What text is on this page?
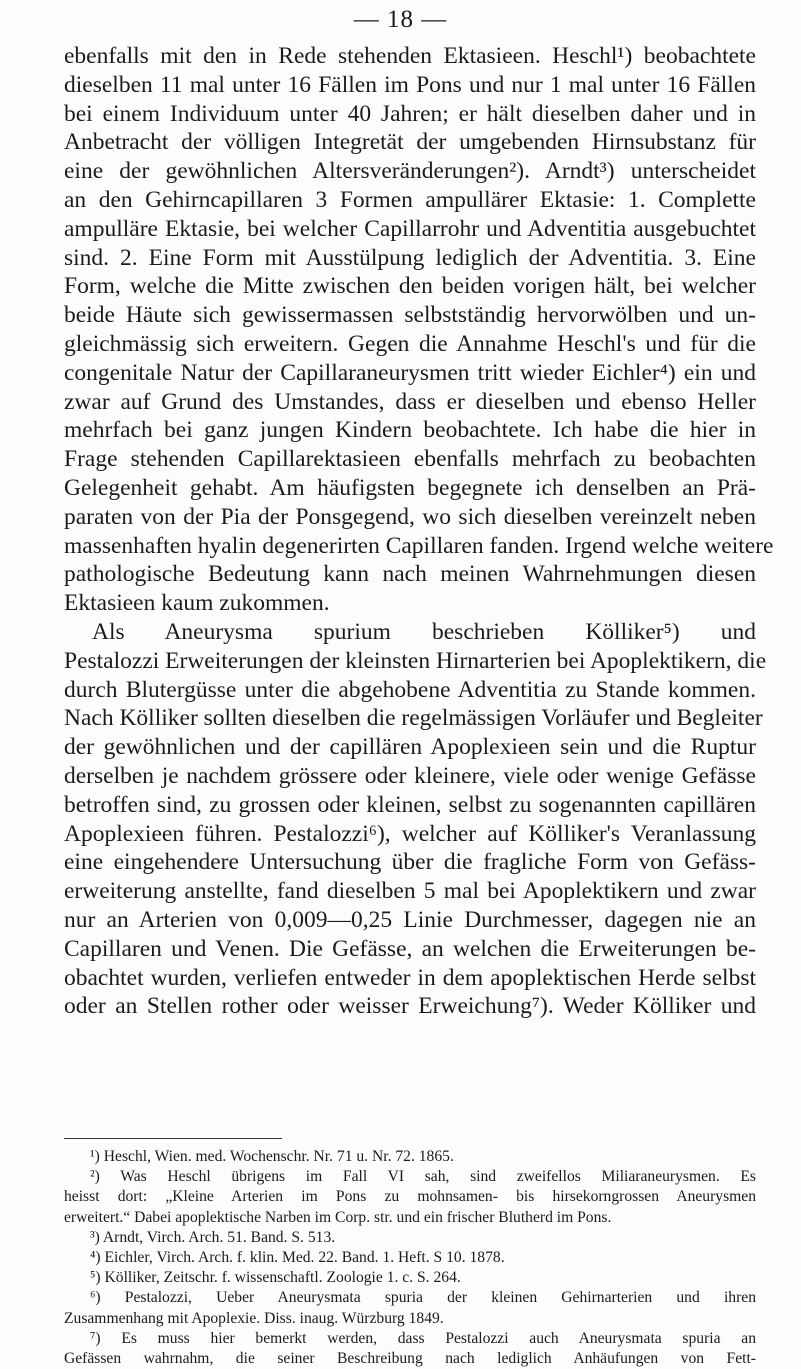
— 18 —
ebenfalls mit den in Rede stehenden Ektasieen. Heschl¹) beobachtete
dieselben 11 mal unter 16 Fällen im Pons und nur 1 mal unter 16 Fällen
bei einem Individuum unter 40 Jahren; er hält dieselben daher und in
Anbetracht der völligen Integretät der umgebenden Hirnsubstanz für
eine der gewöhnlichen Altersveränderungen²). Arndt³) unterscheidet
an den Gehirncapillaren 3 Formen ampullärer Ektasie: 1. Complette
ampulläre Ektasie, bei welcher Capillarrohr und Adventitia ausgebuchtet
sind. 2. Eine Form mit Ausstülpung lediglich der Adventitia. 3. Eine
Form, welche die Mitte zwischen den beiden vorigen hält, bei welcher
beide Häute sich gewissermassen selbstständig hervorwölben und un-
gleichmässig sich erweitern. Gegen die Annahme Heschl's und für die
congenitale Natur der Capillaraneurysmen tritt wieder Eichler⁴) ein und
zwar auf Grund des Umstandes, dass er dieselben und ebenso Heller
mehrfach bei ganz jungen Kindern beobachtete. Ich habe die hier in
Frage stehenden Capillarektasieen ebenfalls mehrfach zu beobachten
Gelegenheit gehabt. Am häufigsten begegnete ich denselben an Prä-
paraten von der Pia der Ponsgegend, wo sich dieselben vereinzelt neben
massenhaften hyalin degenerirten Capillaren fanden. Irgend welche weitere
pathologische Bedeutung kann nach meinen Wahrnehmungen diesen
Ektasieen kaum zukommen.
Als Aneurysma spurium beschrieben Kölliker⁵) und
Pestalozzi Erweiterungen der kleinsten Hirnarterien bei Apoplektikern, die
durch Blutergüsse unter die abgehobene Adventitia zu Stande kommen.
Nach Kölliker sollten dieselben die regelmässigen Vorläufer und Begleiter
der gewöhnlichen und der capillären Apoplexieen sein und die Ruptur
derselben je nachdem grössere oder kleinere, viele oder wenige Gefässe
betroffen sind, zu grossen oder kleinen, selbst zu sogenannten capillären
Apoplexieen führen. Pestalozzi⁶), welcher auf Kölliker's Veranlassung
eine eingehendere Untersuchung über die fragliche Form von Gefäss-
erweiterung anstellte, fand dieselben 5 mal bei Apoplektikern und zwar
nur an Arterien von 0,009—0,25 Linie Durchmesser, dagegen nie an
Capillaren und Venen. Die Gefässe, an welchen die Erweiterungen be-
obachtet wurden, verliefen entweder in dem apoplektischen Herde selbst
oder an Stellen rother oder weisser Erweichung⁷). Weder Kölliker und
¹) Heschl, Wien. med. Wochenschr. Nr. 71 u. Nr. 72. 1865.
²) Was Heschl übrigens im Fall VI sah, sind zweifellos Miliaraneurysmen. Es
heisst dort: „Kleine Arterien im Pons zu mohnsamen- bis hirsekorngrossen Aneurysmen
erweitert.“ Dabei apoplektische Narben im Corp. str. und ein frischer Blutherd im Pons.
³) Arndt, Virch. Arch. 51. Band. S. 513.
⁴) Eichler, Virch. Arch. f. klin. Med. 22. Band. 1. Heft. S 10. 1878.
⁵) Kölliker, Zeitschr. f. wissenschaftl. Zoologie 1. c. S. 264.
⁶) Pestalozzi, Ueber Aneurysmata spuria der kleinen Gehirnarterien und ihren
Zusammenhang mit Apoplexie. Diss. inaug. Würzburg 1849.
⁷) Es muss hier bemerkt werden, dass Pestalozzi auch Aneurysmata spuria an
Gefässen wahrnahm, die seiner Beschreibung nach lediglich Anhäufungen von Fett-
